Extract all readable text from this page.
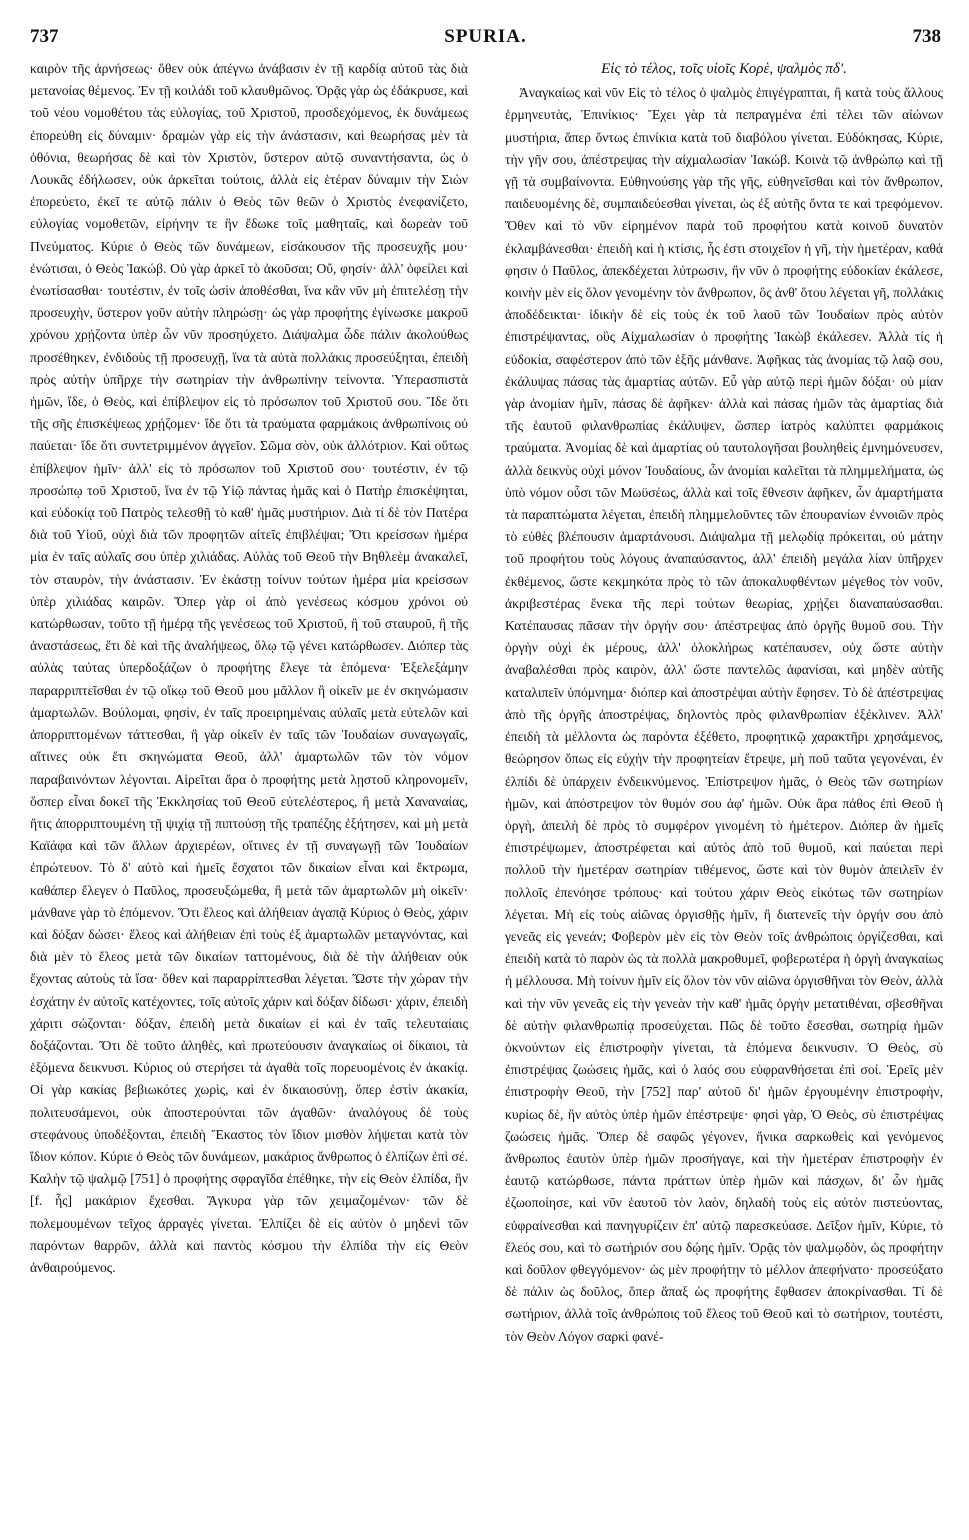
737	SPURIA.	738

καιρὸν τῆς ἀρνήσεως· ὅθεν οὐκ ἀπέγνω ἀνάβασιν ἐν τῇ καρδίᾳ αὐτοῦ τὰς διὰ μετανοίας θέμενος. Ἐν τῇ κοιλάδι τοῦ κλαυθμῶνος. Ὁρᾷς γὰρ ὡς ἐδάκρυσε, καὶ τοῦ νέου νομοθέτου τὰς εὐλογίας, τοῦ Χριστοῦ, προσδεχόμενος, ἐκ δυνάμεως ἐπορεύθη εἰς δύναμιν· δραμὼν γὰρ εἰς τὴν ἀνάστασιν, καὶ θεωρήσας μὲν τὰ ὀθόνια, θεωρήσας δὲ καὶ τὸν Χριστὸν, ὕστερον αὐτῷ συναντήσαντα, ὡς ὁ Λουκᾶς ἐδήλωσεν, οὐκ ἀρκεῖται τούτοις, ἀλλὰ εἰς ἑτέραν δύναμιν τὴν Σιὼν ἐπορεύετο, ἐκεῖ τε αὐτῷ πάλιν ὁ Θεὸς τῶν θεῶν ὁ Χριστὸς ἐνεφανίζετο, εὐλογίας νομοθετῶν, εἰρήνην τε ἣν ἔδωκε τοῖς μαθηταῖς, καὶ δωρεὰν τοῦ Πνεύματος. Κύριε ὁ Θεὸς τῶν δυνάμεων, εἰσάκουσον τῆς προσευχῆς μου· ἐνώτισαι, ὁ Θεὸς Ἰακώβ. Οὐ γὰρ ἀρκεῖ τὸ ἀκοῦσαι; Οὔ, φησίν· ἀλλ' ὀφείλει καὶ ἐνωτίσασθαι· τουτέστιν, ἐν τοῖς ὠσὶν ἀποθέσθαι, ἵνα κἂν νῦν μὴ ἐπιτελέσῃ τὴν προσευχὴν, ὕστερον γοῦν αὐτὴν πληρώσῃ· ὡς γὰρ προφήτης ἐγίνωσκε μακροῦ χρόνου χρῄζοντα ὑπὲρ ὧν νῦν προσηύχετο. Διάψαλμα ὧδε πάλιν ἀκολούθως προσέθηκεν, ἐνδιδοὺς τῇ προσευχῇ, ἵνα τὰ αὐτὰ πολλάκις προσεύξηται, ἐπειδὴ πρὸς αὐτὴν ὑπῆρχε τὴν σωτηρίαν τὴν ἀνθρωπίνην τείνοντα. Ὑπερασπιστὰ ἡμῶν, ἴδε, ὁ Θεὸς, καὶ ἐπίβλεψον εἰς τὸ πρόσωπον τοῦ Χριστοῦ σου. Ἴδε ὅτι τῆς σῆς ἐπισκέψεως χρῄζομεν· ἴδε ὅτι τὰ τραύματα φαρμάκοις ἀνθρωπίνοις οὐ παύεται· ἴδε ὅτι συντετριμμένον ἀγγεῖον. Σῶμα σὸν, οὐκ ἀλλότριον. Καὶ οὕτως ἐπίβλεψον ἡμῖν· ἀλλ' εἰς τὸ πρόσωπον τοῦ Χριστοῦ σου· τουτέστιν, ἐν τῷ προσώπῳ τοῦ Χριστοῦ, ἵνα ἐν τῷ Υἱῷ πάντας ἡμᾶς καὶ ὁ Πατὴρ ἐπισκέψηται, καὶ εὐδοκίᾳ τοῦ Πατρὸς τελεσθῇ τὸ καθ' ἡμᾶς μυστήριον. Διὰ τί δὲ τὸν Πατέρα διὰ τοῦ Υἱοῦ, οὐχὶ διὰ τῶν προφητῶν αἰτεῖς ἐπιβλέψαι; Ὅτι κρείσσων ἡμέρα μία ἐν ταῖς αὐλαῖς σου ὑπὲρ χιλιάδας. Αὐλὰς τοῦ Θεοῦ τὴν Βηθλεὲμ ἀνακαλεῖ, τὸν σταυρὸν, τὴν ἀνάστασιν. Ἐν ἑκάστῃ τοίνυν τούτων ἡμέρα μία κρείσσων ὑπὲρ χιλιάδας καιρῶν. Ὅπερ γὰρ οἱ ἀπὸ γενέσεως κόσμου χρόνοι οὐ κατώρθωσαν, τοῦτο τῇ ἡμέρᾳ τῆς γενέσεως τοῦ Χριστοῦ, ἢ τοῦ σταυροῦ, ἢ τῆς ἀναστάσεως, ἔτι δὲ καὶ τῆς ἀναλήψεως, ὅλῳ τῷ γένει κατώρθωσεν. Διόπερ τὰς αὐλὰς ταύτας ὑπερδοξάζων ὁ προφήτης ἔλεγε τὰ ἑπόμενα· Ἐξελεξάμην παραρριπτεῖσθαι ἐν τῷ οἴκῳ τοῦ Θεοῦ μου μᾶλλον ἢ οἰκεῖν με ἐν σκηνώμασιν ἁμαρτωλῶν. Βούλομαι, φησὶν, ἐν ταῖς προειρημέναις αὐλαῖς μετὰ εὐτελῶν καὶ ἀπορριπτομένων τάττεσθαι, ἢ γὰρ οἰκεῖν ἐν ταῖς τῶν Ἰουδαίων συναγωγαῖς, αἵτινες οὐκ ἔτι σκηνώματα Θεοῦ, ἀλλ' ἁμαρτωλῶν τῶν τὸν νόμον παραβαινόντων λέγονται. Αἱρεῖται ἄρα ὁ προφήτης μετὰ λῃστοῦ κληρονομεῖν, ὅσπερ εἶναι δοκεῖ τῆς Ἐκκλησίας τοῦ Θεοῦ εὐτελέστερος, ἢ μετὰ Χαναναίας, ἥτις ἀπορριπτουμένη τῇ ψιχίᾳ τῇ πιπτούσῃ τῆς τραπέζης ἐξήτησεν, καὶ μὴ μετὰ Καϊάφα καὶ τῶν ἄλλων ἀρχιερέων, οἵτινες ἐν τῇ συναγωγῇ τῶν Ἰουδαίων ἐπρώτευον. Τὸ δ' αὐτὸ καὶ ἡμεῖς ἔσχατοι τῶν δικαίων εἶναι καὶ ἔκτρωμα, καθάπερ ἔλεγεν ὁ Παῦλος, προσευξώμεθα, ἢ μετὰ τῶν ἁμαρτωλῶν μὴ οἰκεῖν· μάνθανε γὰρ τὸ ἑπόμενον. Ὅτι ἔλεος καὶ ἀλήθειαν ἀγαπᾷ Κύριος ὁ Θεὸς, χάριν καὶ δόξαν δώσει· ἔλεος καὶ ἀλήθειαν ἐπὶ τοὺς ἐξ ἁμαρτωλῶν μεταγνόντας, καὶ διὰ μὲν τὸ ἔλεος μετὰ τῶν δικαίων ταττομένους, διὰ δὲ τὴν ἀλήθειαν οὐκ ἔχοντας αὐτοὺς τὰ ἴσα· ὅθεν καὶ παραρρίπτεσθαι λέγεται. Ὥστε τὴν χώραν τὴν ἐσχάτην ἐν αὐτοῖς κατέχοντες, τοῖς αὐτοῖς χάριν καὶ δόξαν δίδωσι· χάριν, ἐπειδὴ χάριτι σώζονται· δόξαν, ἐπειδὴ μετὰ δικαίων εἰ καὶ ἐν ταῖς τελευταίαις δοξάζονται. Ὅτι δὲ τοῦτο ἀληθὲς, καὶ πρωτεύουσιν ἀναγκαίως οἱ δίκαιοι, τὰ ἑξόμενα δεικνυσι. Κύριος οὐ στερήσει τὰ ἀγαθὰ τοῖς πορευομένοις ἐν ἀκακίᾳ. Οἱ γὰρ κακίας βεβιωκότες χωρὶς, καὶ ἐν δικαιοσύνῃ, ὅπερ ἐστὶν ἀκακία, πολιτευσάμενοι, οὐκ ἀποστερούνται τῶν ἀγαθῶν· ἀναλόγους δὲ τοὺς στεφάνους ὑποδέξονται, ἐπειδὴ Ἕκαστος τὸν ἴδιον μισθὸν λήψεται κατὰ τὸν ἴδιον κόπον. Κύριε ὁ Θεὸς τῶν δυνάμεων, μακάριος ἄνθρωπος ὁ ἐλπίζων ἐπὶ σέ. Καλὴν τῷ ψαλμῷ [751] ὁ προφήτης σφραγῖδα ἐπέθηκε, τὴν εἰς Θεὸν ἐλπίδα, ἣν [f. ἧς] μακάριον ἔχεσθαι. Ἄγκυρα γὰρ τῶν χειμαζομένων· τῶν δὲ πολεμουμένων τεῖχος ἀρραγὲς γίνεται. Ἐλπίζει δὲ εἰς αὐτὸν ὁ μηδενὶ τῶν παρόντων θαρρῶν, ἀλλὰ καὶ παντὸς κόσμου τὴν ἐλπίδα τὴν εἰς Θεὸν ἀνθαιρούμενος.

Εἰς τὸ τέλος, τοῖς υἱοῖς Κορὲ, ψαλμὸς πδ'.

Ἀναγκαίως καὶ νῦν Εἰς τὸ τέλος ὁ ψαλμὸς ἐπιγέγραπται, ἢ κατὰ τοὺς ἄλλους ἑρμηνευτὰς, Ἐπινίκιος· Ἔχει γὰρ τὰ πεπραγμένα ἐπὶ τέλει τῶν αἰώνων μυστήρια, ἅπερ ὄντως ἐπινίκια κατὰ τοῦ διαβόλου γίνεται. Εὐδόκησας, Κύριε, τὴν γῆν σου, ἀπέστρεψας τὴν αἰχμαλωσίαν Ἰακώβ. Κοινὰ τῷ ἀνθρώπῳ καὶ τῇ γῇ τὰ συμβαίνοντα. Εὐθηνούσης γὰρ τῆς γῆς, εὐθηνεῖσθαι καὶ τὸν ἄνθρωπον, παιδευομένης δὲ, συμπαιδεύεσθαι γίνεται, ὡς ἐξ αὐτῆς ὄντα τε καὶ τρεφόμενον. Ὅθεν καὶ τὸ νῦν εἰρημένον παρὰ τοῦ προφήτου κατὰ κοινοῦ δυνατὸν ἐκλαμβάνεσθαι· ἐπειδὴ καὶ ἡ κτίσις, ἧς ἐστι στοιχεῖον ἡ γῆ, τὴν ἡμετέραν, καθά φησιν ὁ Παῦλος, ἀπεκδέχεται λύτρωσιν, ἣν νῦν ὁ προφήτης εὐδοκίαν ἐκάλεσε, κοινὴν μὲν εἰς ὅλον γενομένην τὸν ἄνθρωπον, ὃς ἀνθ' ὅτου λέγεται γῆ, πολλάκις ἀποδέδεικται· ἰδικὴν δὲ εἰς τοὺς ἐκ τοῦ λαοῦ τῶν Ἰουδαίων πρὸς αὐτὸν ἐπιστρέψαντας, οὓς Αἰχμαλωσίαν ὁ προφήτης Ἰακὼβ ἐκάλεσεν. Ἀλλὰ τίς ἡ εὐδοκία, σαφέστερον ἀπὸ τῶν ἑξῆς μάνθανε. Ἀφῆκας τὰς ἀνομίας τῷ λαῷ σου, ἐκάλυψας πάσας τὰς ἁμαρτίας αὐτῶν. Εὖ γὰρ αὐτῷ περὶ ἡμῶν δόξαι· οὐ μίαν γὰρ ἀνομίαν ἡμῖν, πάσας δὲ ἀφῆκεν· ἀλλὰ καὶ πάσας ἡμῶν τὰς ἁμαρτίας διὰ τῆς ἑαυτοῦ φιλανθρωπίας ἐκάλυψεν, ὥσπερ ἰατρὸς καλύπτει φαρμάκοις τραύματα. Ἀνομίας δὲ καὶ ἁμαρτίας οὐ ταυτολογῆσαι βουληθεὶς ἐμνημόνευσεν, ἀλλὰ δεικνὺς οὐχὶ μόνον Ἰουδαίους, ὧν ἀνομίαι καλεῖται τὰ πλημμελήματα, ὡς ὑπὸ νόμον οὖσι τῶν Μωϋσέως, ἀλλὰ καὶ τοῖς ἔθνεσιν ἀφῆκεν, ὧν ἁμαρτήματα τὰ παραπτώματα λέγεται, ἐπειδὴ πλημμελοῦντες τῶν ἐπουρανίων ἐννοιῶν πρὸς τὸ εὐθὲς βλέπουσιν ἁμαρτάνουσι. Διάψαλμα τῇ μελῳδίᾳ πρόκειται, οὐ μάτην τοῦ προφήτου τοὺς λόγους ἀναπαύσαντος, ἀλλ' ἐπειδὴ μεγάλα λίαν ὑπῆρχεν ἐκθέμενος, ὥστε κεκμηκότα πρὸς τὸ τῶν ἀποκαλυφθέντων μέγεθος τὸν νοῦν, ἀκριβεστέρας ἕνεκα τῆς περὶ τούτων θεωρίας, χρῄζει διαναπαύσασθαι. Κατέπαυσας πᾶσαν τὴν ὀργήν σου· ἀπέστρεψας ἀπὸ ὀργῆς θυμοῦ σου. Τὴν ὀργὴν οὐχὶ ἐκ μέρους, ἀλλ' ὁλοκλήρως κατέπαυσεν, οὐχ ὥστε αὐτὴν ἀναβαλέσθαι πρὸς καιρὸν, ἀλλ' ὥστε παντελῶς ἀφανίσαι, καὶ μηδὲν αὐτῆς καταλιπεῖν ὑπόμνημα· διόπερ καὶ ἀποστρέψαι αὐτὴν ἔφησεν. Τὸ δὲ ἀπέστρεψας ἀπὸ τῆς ὀργῆς ἀποστρέψας, δηλοντὸς πρὸς φιλανθρωπίαν ἐξέκλινεν. Ἀλλ' ἐπειδὴ τὰ μέλλοντα ὡς παρόντα ἐξέθετο, προφητικῷ χαρακτῆρι χρησάμενος, θεώρησον ὅπως εἰς εὐχὴν τὴν προφητείαν ἔτρεψε, μὴ ποῦ ταῦτα γεγονέναι, ἐν ἐλπίδι δὲ ὑπάρχειν ἐνδεικνύμενος. Ἐπίστρεψον ἡμᾶς, ὁ Θεὸς τῶν σωτηρίων ἡμῶν, καὶ ἀπόστρεψον τὸν θυμόν σου ἀφ' ἡμῶν. Οὐκ ἄρα πάθος ἐπὶ Θεοῦ ἡ ὀργὴ, ἀπειλὴ δὲ πρὸς τὸ συμφέρον γινομένη τὸ ἡμέτερον. Διόπερ ἂν ἡμεῖς ἐπιστρέψωμεν, ἀποστρέφεται καὶ αὐτὸς ἀπὸ τοῦ θυμοῦ, καὶ παύεται περὶ πολλοῦ τὴν ἡμετέραν σωτηρίαν τιθέμενος, ὥστε καὶ τὸν θυμὸν ἀπειλεῖν ἐν πολλοῖς ἐπενόησε τρόπους· καὶ τούτου χάριν Θεὸς εἰκότως τῶν σωτηρίων λέγεται. Μὴ εἰς τοὺς αἰῶνας ὀργισθῇς ἡμῖν, ἢ διατενεῖς τὴν ὀργήν σου ἀπὸ γενεᾶς εἰς γενεάν; Φοβερὸν μὲν εἰς τὸν Θεὸν τοῖς ἀνθρώποις ὀργίζεσθαι, καὶ ἐπειδὴ κατὰ τὸ παρὸν ὡς τὰ πολλὰ μακροθυμεῖ, φοβερωτέρα ἡ ὀργὴ ἀναγκαίως ἡ μέλλουσα. Μὴ τοίνυν ἡμῖν εἰς ὅλον τὸν νῦν αἰῶνα ὀργισθῆναι τὸν Θεὸν, ἀλλὰ καὶ τὴν νῦν γενεᾶς εἰς τὴν γενεὰν τὴν καθ' ἡμᾶς ὀργὴν μετατιθέναι, σβεσθῆναι δὲ αὐτὴν φιλανθρωπίᾳ προσεύχεται. Πῶς δὲ τοῦτο ἔσεσθαι, σωτηρίᾳ ἡμῶν ὀκνούντων εἰς ἐπιστροφὴν γίνεται, τὰ ἑπόμενα δεικνυσιν. Ὁ Θεὸς, σὺ ἐπιστρέψας ζωώσεις ἡμᾶς, καὶ ὁ λαός σου εὐφρανθήσεται ἐπὶ σοί. Ἐρεῖς μὲν ἐπιστροφὴν Θεοῦ, τὴν [752] παρ' αὐτοῦ δι' ἡμῶν ἐργουμένην ἐπιστροφὴν, κυρίως δὲ, ἣν αὐτὸς ὑπὲρ ἡμῶν ἐπέστρεψε· φησὶ γὰρ, Ὁ Θεὸς, σὺ ἐπιστρέψας ζωώσεις ἡμᾶς. Ὅπερ δὲ σαφῶς γέγονεν, ἥνικα σαρκωθεὶς καὶ γενόμενος ἄνθρωπος ἑαυτὸν ὑπὲρ ἡμῶν προσήγαγε, καὶ τὴν ἡμετέραν ἐπιστροφὴν ἐν ἑαυτῷ κατώρθωσε, πάντα πράττων ὑπὲρ ἡμῶν καὶ πάσχων, δι' ὧν ἡμᾶς ἐζωοποίησε, καὶ νῦν ἑαυτοῦ τὸν λαὸν, δηλαδὴ τοὺς εἰς αὐτὸν πιστεύοντας, εὐφραίνεσθαι καὶ πανηγυρίζειν ἐπ' αὐτῷ παρεσκεύασε. Δεῖξον ἡμῖν, Κύριε, τὸ ἔλεός σου, καὶ τὸ σωτήριόν σου δῴης ἡμῖν. Ὁρᾷς τὸν ψαλμῳδὸν, ὡς προφήτην καὶ δοῦλον φθεγγόμενον· ὡς μὲν προφήτην τὸ μέλλον ἀπεφήνατο· προσεύξατο δὲ πάλιν ὡς δοῦλος, ὅπερ ἅπαξ ὡς προφήτης ἔφθασεν ἀποκρίνασθαι. Τί δὲ σωτήριον, ἀλλὰ τοῖς ἀνθρώποις τοῦ ἔλεος τοῦ Θεοῦ καὶ τὸ σωτήριον, τουτέστι, τὸν Θεὸν Λόγον σαρκὶ φανέ-
